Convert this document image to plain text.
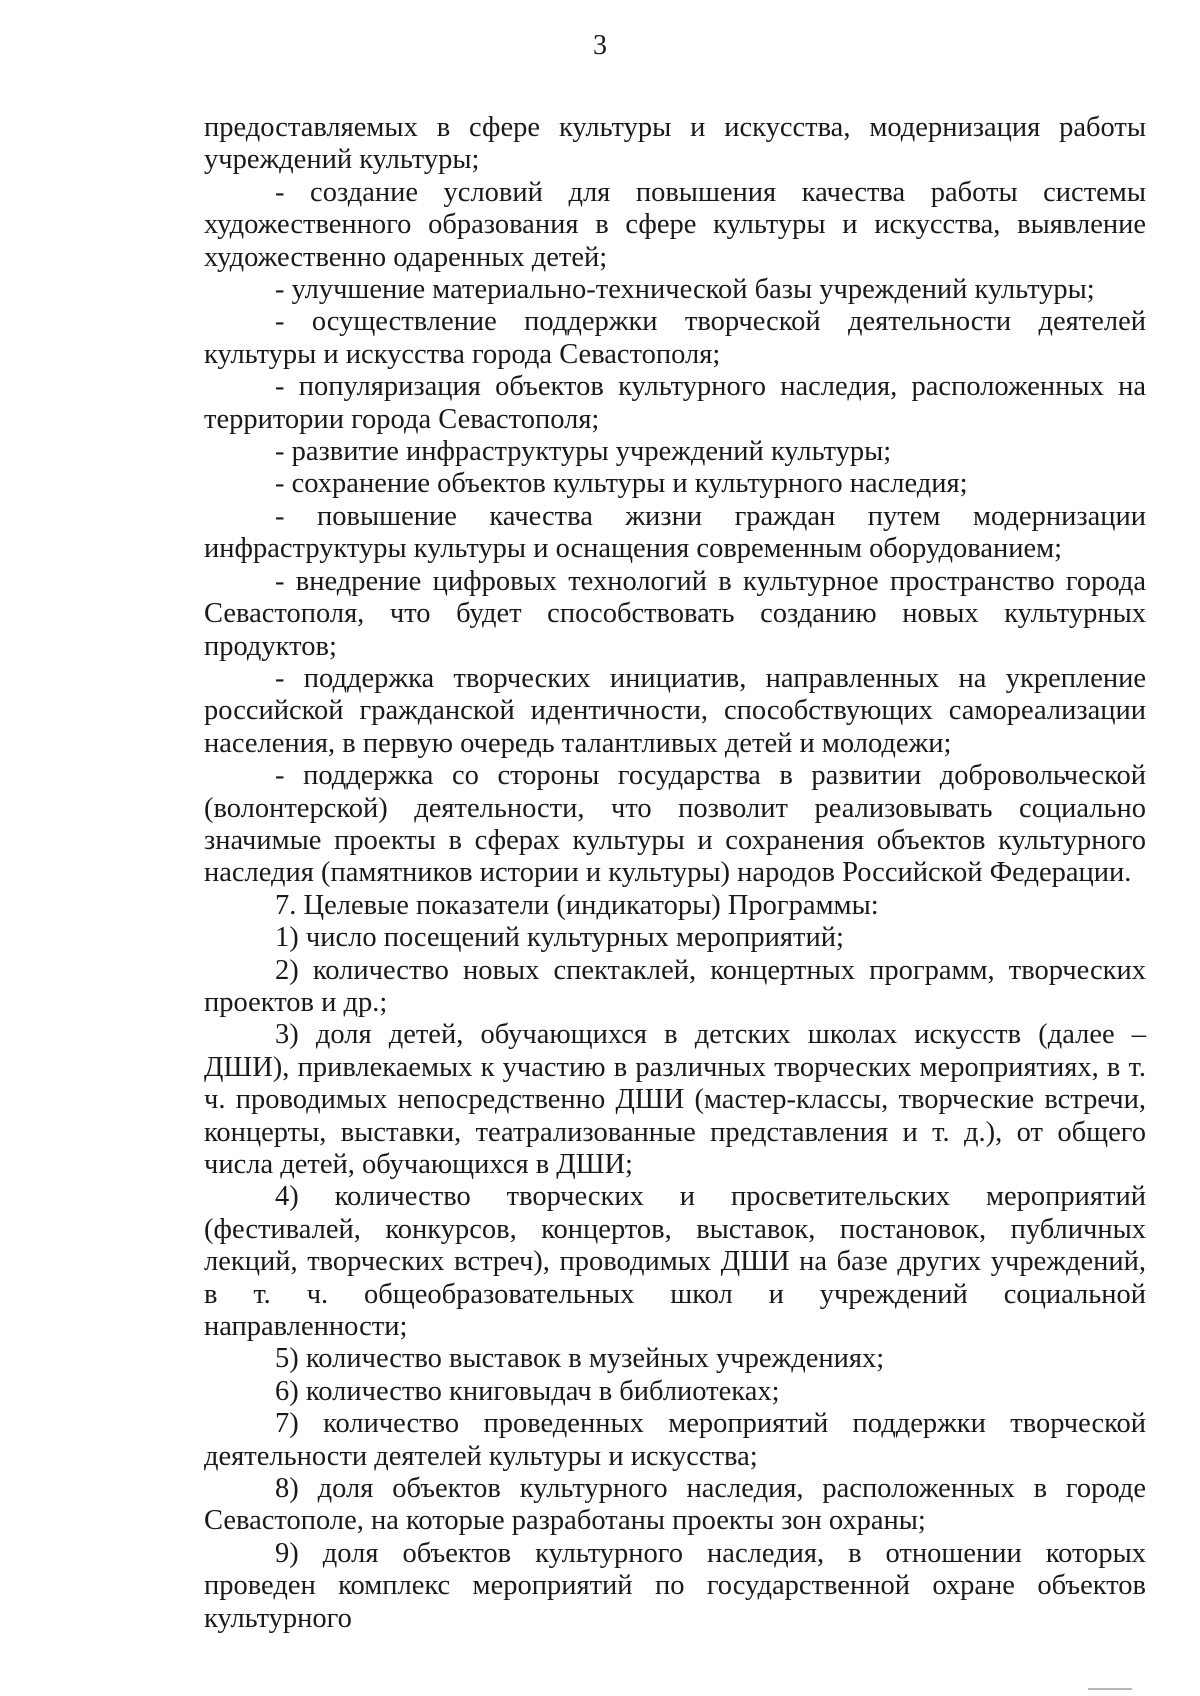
3

предоставляемых в сфере культуры и искусства, модернизация работы учреждений культуры;

- создание условий для повышения качества работы системы художественного образования в сфере культуры и искусства, выявление художественно одаренных детей;

- улучшение материально-технической базы учреждений культуры;

- осуществление поддержки творческой деятельности деятелей культуры и искусства города Севастополя;

- популяризация объектов культурного наследия, расположенных на территории города Севастополя;

- развитие инфраструктуры учреждений культуры;

- сохранение объектов культуры и культурного наследия;

- повышение качества жизни граждан путем модернизации инфраструктуры культуры и оснащения современным оборудованием;

- внедрение цифровых технологий в культурное пространство города Севастополя, что будет способствовать созданию новых культурных продуктов;

- поддержка творческих инициатив, направленных на укрепление российской гражданской идентичности, способствующих самореализации населения, в первую очередь талантливых детей и молодежи;

- поддержка со стороны государства в развитии добровольческой (волонтерской) деятельности, что позволит реализовывать социально значимые проекты в сферах культуры и сохранения объектов культурного наследия (памятников истории и культуры) народов Российской Федерации.

7. Целевые показатели (индикаторы) Программы:

1) число посещений культурных мероприятий;

2) количество новых спектаклей, концертных программ, творческих проектов и др.;

3) доля детей, обучающихся в детских школах искусств (далее – ДШИ), привлекаемых к участию в различных творческих мероприятиях, в т. ч. проводимых непосредственно ДШИ (мастер-классы, творческие встречи, концерты, выставки, театрализованные представления и т. д.), от общего числа детей, обучающихся в ДШИ;

4) количество творческих и просветительских мероприятий (фестивалей, конкурсов, концертов, выставок, постановок, публичных лекций, творческих встреч), проводимых ДШИ на базе других учреждений, в т. ч. общеобразовательных школ и учреждений социальной направленности;

5) количество выставок в музейных учреждениях;

6) количество книговыдач в библиотеках;

7) количество проведенных мероприятий поддержки творческой деятельности деятелей культуры и искусства;

8) доля объектов культурного наследия, расположенных в городе Севастополе, на которые разработаны проекты зон охраны;

9) доля объектов культурного наследия, в отношении которых проведен комплекс мероприятий по государственной охране объектов культурного
